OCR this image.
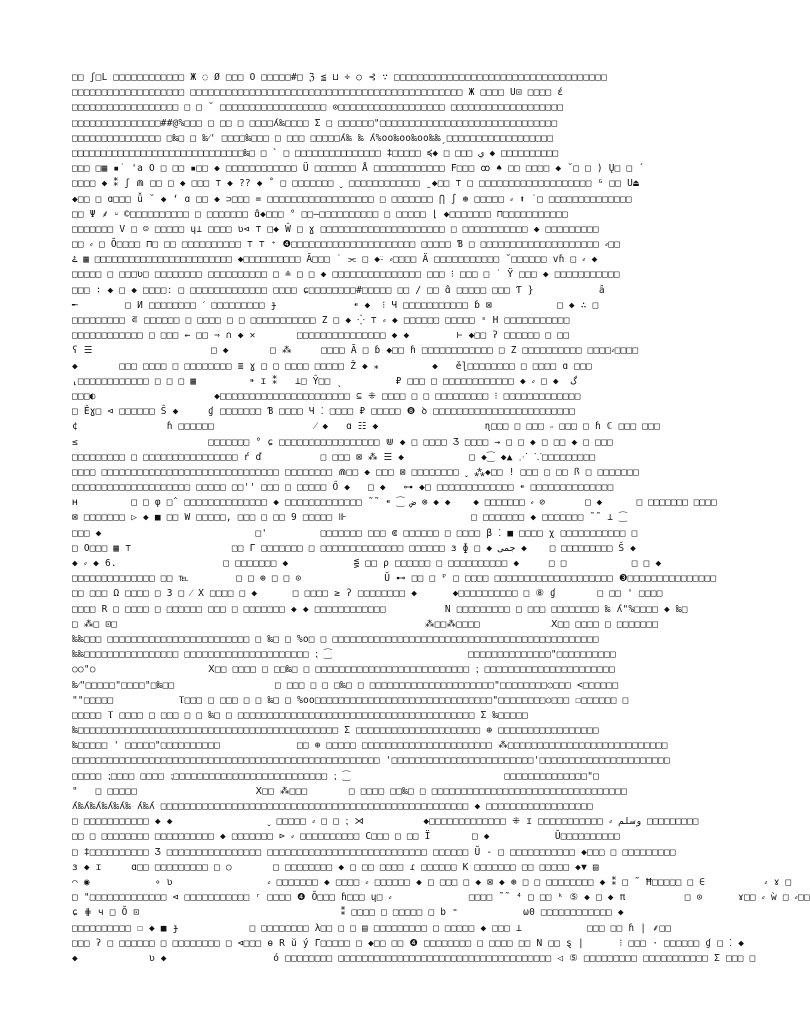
□□ ʃ□L □□□□□□□□□□□□ Ж ◌ Ø □□□ O □□□□□#□ ℨ ≦ ⊔ ÷ ○ ⊰ ∵ □□□□□□□□□□□□□□□□□□□□□□□□□□□□□□□□□□□□
□□□□□□□□□□□□□□□□□□□ □□□□□□□□□□□□□□□□□□□□□□□□□□□□□□□□□□□□□□□□□□□□□□ Ж □□□□ U⊡ □□□□ ɛ́
□□□□□□□□□□□□□□□□□□ □ □ ˘ □□□□□□□□□□□□□□□□□□ ⊙□□□□□□□□□□□□□□□□□□ □□□□□□□□□□□□□□□□□□□
□□□□□□□□□□□□□□□##@%□□□ □ □□ □ □□□□ʎ‰□□□□ Σ □ □□□□□□"□□□□□□□□□□□□□□□□□□□□□□□□□□□□□□
□□□□□□□□□□□□□□□ □‰□ □ ‰⁄' □□□□‰□□□ □ □□□ □□□□□ʎ‰ ‰ ʎ%oo‰oo‰oo‰‰ˏ□□□□□□□□□□□□□□□□□□
□□□□□□□□□□□□□□□□□□□□□□□□□□□□□□‰□ □ ` □ □□□□□□□□□□□□□□□ ‡□□□□□ ≼◆ □ □□□ ي ◆ □□□□□□□□□□
□□□ □▦ ▪˙ 'a Ο □ □□ ▪□□ ◆ □□□□□□□□□□□□ Ü □□□□□□□ Å □□□□□□□□□□□□ F□□□ ꝏ ♠ □□ □□□□ ◆ ˘□ □ ) Ų□ □ ´
□□□□ ◆ ⁑ ʃ ⋒ □□ □ ◆ □□□ ⊤ ◆ ?? ◆ ˚ □ □□□□□□□ ˬ □□□□□□□□□□□□ ˍ◆□□ ⊤ □ □□□□□□□□□□□□□□□□□□□ ᴳ □□ U⏏
◆□□ □ ɑ□□□ ǚ ˘ ◆ ʻ ɑ □□ ◆ ⊃□□□ = □□□□□□□□□□□□□□□□□□ □ □□□□□□□ ⋂ ∫ ⊛ □□□□□ ⸗ ⬆ ˙□ □□□□□□□□□□□□□□
□□ Ψ ⸙ ⸚ ©□□□□□□□□□□ □ □□□□□□□ ɑ̂◆□□□ ° □□—□□□□□□□□□□ □ □□□□□ ⌊ ◆□□□□□□□ ⊓□□□□□□□□□□□
□□□□□□□ V □ ☺ □□□□□ ɥ⊥ □□□□ ʋ⊲ ⊤ □◆ Ŵ □ ɣ □□□□□□□□□□□□□□□□□□□□□ □ □□□□□□□□□□□ ◆ □□□□□□□□□
□□ ⸗ □ Ŏ□□□□ ⊓□ □□ □□□□□□□□□□ ⊤ ⊤ ⁺ ❹□□□□□□□□□□□□□□□□□□□□□ □□□□□ Ɓ □ □□□□□□□□□□□□□□□□□□□□ ⸗□□
ۓ ▦ □□□□□□□□□□□□□□□□□□□□□□□□ ◆□□□□□□□□□□ Ȃ□□□ ˙ ⫘ □ ◆⸚ ⸗□□□□ Ä □□□□□□□□□□□ ˘□□□□□□ vɦ □ ⸗ ◆
□□□□□ □ □□□ʋ□ □□□□□□□□ □□□□□□□□□□ □ ≐ □ □ ◆ □□□□□□□□□□□□□□□ □□□ ⁝ □□□ □ ˙ Ÿ □□□ ◆ □□□□□□□□□□□
□□□ ∶ ◆ □ ◆ □□□□ː □ □□□□□□□□□□□□□ □□□□ ɕ□□□□□□□□#□□□□□ □□ ∕ □□ ɑ̂ □□□□□ □□□ Ƭ }           ȃ
╾        □ И □□□□□□□□ ˊ □□□□□□□□□ ɟ             ⁌ ◆  ⁝ Ч □□□□□□□□□□□ ɓ ⊠           □ ◆ ∴ □
□□□□□□□□□ ⋷ □□□□□□ □ □□□□ □ □ □□□□□□□□□□□ Z □ ◆ ⁛ ⊤ ⸗ ◆ □□□□□□ □□□□□ ˢ H □□□□□□□□□□□
□□□□□□□□□□□□ □ □□□ ⇜ □□ ⇒ ∩ ◆ ✕       □□□□□□□□□□□□□□□ ◆ ◆        ⊢ ◆□□ ʔ □□□□□□ □ □□
ʕ ☰                    □ ◆       □ ⁂     □□□□ Ã □ ɓ ◆□□ ɦ □□□□□□□□□□□□ □ Z □□□□□□□□□□ □□□□⸗□□□□
◆       □□□ □□□□ □ □□□□□□□□ ≣ ɣ □ □ □□□□ □□□□□ Ž ◆ ⁎         ◆   ěɭ□□□□□□□□ □ □□□□ ɑ □□□
⸤□□□□□□□□□□□□ □ □ □ ▦         ⁍ ɪ ⁑   ⊥□ Ŷ□□ ˎ         ₽ □□□ □ □□□□□□□□□□□□ ◆ ⸗ □ ◆  ﮒ
□□□◐                    ◆□□□□□□□□□□□□□□□□□□□□□□ ⊆ ⁜ □□□□ □ □ □□□□□□□□□ ⁝ □□□□□□□□□□□□□
□ Ěɣ□ ⊲ □□□□□□ Ŝ ◆     ɠ □□□□□□□ Ɓ □□□□ Ч ⁚ □□□□ ₽ □□□□□ ❽ ꝺ □□□□□□□□□□□□□□□□□□□□□□□□
¢               ɦ □□□□□□                 ⁄ ◆   ɑ ☷ ◆                  ɳ□□□ □ □□□ ˶ □□□ □ ɦ ℂ □□□ □□□
≤                      □□□□□□□ ° ɕ □□□□□□□□□□□□□□□□□ ⋓ ◆ □ □□□□ Ʒ □□□□ → □ □ ◆ □ □□ ◆ □ □□□
□□□□□□□□□ □ □□□□□□□□□□□□□□□□ ŕ ď          □ □□□ ⊠ ⁂ ☰ ◆           □ ◆⁐ ◆▲ ⋰ ⸪□□□□□□□□□
□□□□ □□□□□□□□□□□□□□□□□□□□□□□□□□□□□□ □□□□□□□□ ⋒□□ ◆ □□□ ⊠ □□□□□□□□ ˬ ⁂◆□□ ! □□□ □ □□ ꟗ □ □□□□□□□
□□□□□□□□□□□□□□□□□□□□ □□□□□ □□'' □□□ □ □□□□□ Ő ◆   □ ◆   ⊶ ◆□ □□□□□□□□□□□□□ ⁌ □□□□□□□□□□□□□□
ʜ         □ □ φ □ˆ □□□□□□□□□□□□□□ ◆ □□□□□□□□□□□□□ ˜˜ ⁌ ⁐ ض ⊗ ◆ ◆    ◆ □□□□□□□ ⸗ ⊘       □ ◆      □ □□□□□□□ □□□□
⊠ □□□□□□□ ▷ ◆ ■ □□ W □□□□□, □□□ □ □□ 9 □□□□□ ⊪                     □ □□□□□□□ ◆ □□□□□□□ ˜˜ ⊥ ⁐
□□□ ◆                          □'         □□□□□□□ □□□ ⋐ □□□□□□ □ □□□□ β ⁚ ■ □□□□ χ □□□□□□□□□□□ □
□ O□□□ ▦ ⊤                 □□ Γ □□□□□□□ □ □□□□□□□□□□□□□□ □□□□□□ ɜ ɸ □ ◆ جمی ◆    □ □□□□□□□□□ Š ◆
◆ ⸗ ◆ 6.                  □ □□□□□□□ ◆           ⋚ □□ ρ □□□□□□ □ □□□□□□□□□□ ◆     □ □           □ □ ◆
□□□□□□□□□□□□□□ □□ ℡        □ □ ⊕ □ □ ⊙              Ŭ ⊷ □□ □ ᴾ □ □□□□ □□□□□□□□□□□□□□□□□□□□ ❸□□□□□□□□□□□□□□□
□□ □□□ Ω □□□□ □ 3 □ ⁄ X □□□□ □ ◆      □ □□□□ ≥ ʔ □□□□□□□□ ◆      ◆□□□□□□□□□□ □ ⑧ ɠ       □ □□ ' □□□□
□□□□ R □ □□□□ □ □□□□□□ □□□ □ □□□□□□□ ◆ ◆ □□□□□□□□□□□□          N □□□□□□□□□ □ □□□ □□□□□□□□ ‰ ʎ"%□□□□ ◆ ‰□
□ ⁂□ ⊡□                                                    ⁂□□⁂□□□□            Ⅹ□□ □□□□ □ □□□□□□□
‰‰□□□ □□□□□□□□□□□□□□□□□□□□□□□□ □ ‰□ □ %o□ □ □□□□□□□□□□□□□□□□□□□□□□□□□□□□□□□□□□□□□□□□□□□□□
‰‰□□□□□□□□□□□□□□□□ □□□□□□□□□□□□□□□□□□□□□ ⁏ ⁐                       □□□□□□□□□□□□□□"□□□□□□□□□□
○○"○                   Ⅹ□□ □□□□ □ □□‰□ □ □□□□□□□□□□□□□□□□□□□□□□□□□□ ⁏ □□□□□□□□□□□□□□□□□□□□□□
‰⁄"□□□□□"□□□□"□‰□□                 □ □□□ □ □ □‰□ □ □□□□□□□□□□□□□□□□□□□□□"□□□□□□□□○□□□ <□□□□□□
""□□□□□           Ⲧ□□□ □ □□□ □ □ ‰□ □ %oo□□□□□□□□□□□□□□□□□□□□□□□□□□□□□□"□□□□□□□□○□□□ ☐□□□□□□ □
□□□□□ Ⲧ □□□□ □ □□□ □ □ ‰□ □ □□□□□□□□□□□□□□□□□□□□□□□□□□□□□□□□□□□□□□□□ Σ ‰□□□□□
‰□□□□□□□□□□□□□□□□□□□□□□□□□□□□□□□□□□□□□□□□□□□□ Σ □□□□□□□□□□□□□□□□□□□□□ ⊕ □□□□□□□□□□□□□□□□□
‰□□□□□ ' □□□□□"□□□□□□□□□□             □□ ⊕ □□□□□ □□□□□□□□□□□□□□□□□□□□□□ ⁂□□□□□□□□□□□□□□□□□□□□□□□□□□□
□□□□□□□□□□□□□□□□□□□□□□□□□□□□□□□□□□□□□□□□□□□□□□□□□□□□ '□□□□□□□□□□□□□□□□□□□□□□□□'□□□□□□□□□□□□□□□□□□□□□□
□□□□□ ⁏□□□□ □□□□ ⁏□□□□□□□□□□□□□□□□□□□□□□□□□□ ⁏ ⁐                          □□□□□□□□□□□□□□"□
"   □ □□□□□                    Ⅹ□□ ⁂□□□       □ □□□□ □□‰□ □ □□□□□□□□□□□□□□□□□□□□□□□□□□□□□□□□□
ʎ‰ʎ‰ʎ‰ʎ‰ʎ‰ ʎ‰ʎ □□□□□□□□□□□□□□□□□□□□□□□□□□□□□□□□□□□□□□□□□□□□□□□□□□□□ ◆ □□□□□□□□□□□□□□□□□□
□ □□□□□□□□□□□ ◆ ◆                ˬ □□□□□ ⸗ □ □ ⁏ ⋊          ◆□□□□□□□□□□□□□ ⁜ ɪ □□□□□□□□□□□ ⸗ وسلم □□□□□□□□□
□□ □ □□□□□□□□ □□□□□□□□□□ ◆ □□□□□□□ ⊳ ⸗ □□□□□□□□□□ C□□□ □ □□ Ϊ       □ ◆           Ŭ□□□□□□□□□□
□ ‡□□□□□□□□□□ Ʒ □□□□□□□□□□□□□□□□ □□□□□□□□□□□□□□□□□□□□□□□□□□□ □□□□□□ Ŭ - □ □□□□□□□□□□□ ◆□□□ □ □□□□□□□□□
ɜ ◆ ɪ     ɑ□□ □□□□□□□□□ □ ○       □ □□□□□□□□ ◆ □ □□ □□□□ ɾ □□□□□□ K □□□□□□□ □□ □□□□□ ◆▼ ▤
⌒ ◉           ∘ ʋ                ⸗ □□□□□□□ ◆ □□□□ ⸗ □□□□□□ ◆ □ □□□ □ ◆ ⊠ ◆ ⊛ □ □ □□□□□□□□ ◆ ⁑ □ ˜ Ħ□□□□□ □ ∈          ⸗ ɤ □
□ "□□□□□□□□□□□□□ ⊲ □□□□□□□□□□□ ʳ □□□□ ❹ Ŏ□□□ ɦ□□□ ɥ□ ⸗             □□□□ ˜˜ ⁴ □ □□ ᵏ ⑤ ◆ □ ◆ π          □ ⊙      ɤ□□ ⸗ ẁ □ ⸗□□
ɕ ⋕ ч □ Ŏ ⊡                                  ⁑ □□□□ □ □□□□□ □ b ⁼           ω0 □□□□□□□□□□□□ ◆
□□□□□□□□□□ ☐ ◆ ■ ɟ            □ □□□□□□□□ λ□□ □ □ ▤ □□□□□□□□□ □ □□□□□ ◆ □□□ ⊥           □□□ □□ ɦ | ⸙□□
□□□ ʔ □ □□□□□□ □ □□□□□□□□ □ ⊲□□□ ɵ R ŭ ý Γ□□□□□ □ ◆□□ □□ ❹ □□□□□□□□ □ □□□□ □□ N □□ ȿ |      ⁝ □□□ · □□□□□□ ɠ □ ⁚ ◆
◆            ʋ ◆                  ó □□□□□□□□ □□□□□□□□□□□□□□□□□□□□□□□□□□□□□□□□□□□□ ◁ ⑤ □□□□□□□□□ □□□□□□□□□□□ Σ □□□ □
